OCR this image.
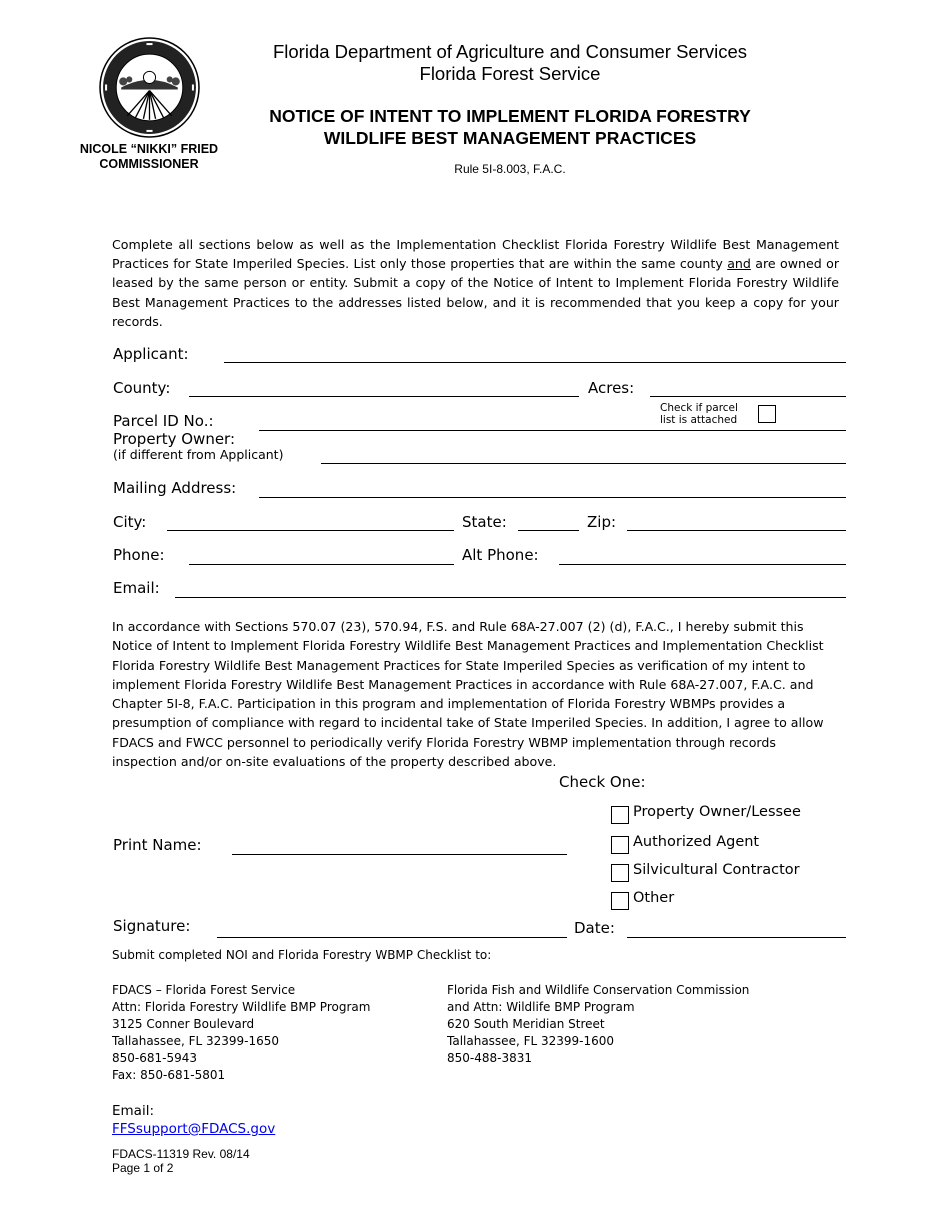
NICOLE “NIKKI” FRIED
COMMISSIONER
Florida Department of Agriculture and Consumer Services
Florida Forest Service
NOTICE OF INTENT TO IMPLEMENT FLORIDA FORESTRY
WILDLIFE BEST MANAGEMENT PRACTICES
Rule 5I-8.003, F.A.C.
Complete all sections below as well as the Implementation Checklist Florida Forestry Wildlife Best Management Practices for State Imperiled Species. List only those properties that are within the same county and are owned or leased by the same person or entity. Submit a copy of the Notice of Intent to Implement Florida Forestry Wildlife Best Management Practices to the addresses listed below, and it is recommended that you keep a copy for your records.
Applicant:
County:	Acres:
Parcel ID No.:
Check if parcel
list is attached
Property Owner:
(if different from Applicant)
Mailing Address:
City:	State:	Zip:
Phone:	Alt Phone:
Email:
In accordance with Sections 570.07 (23), 570.94, F.S. and Rule 68A-27.007 (2) (d), F.A.C., I hereby submit this Notice of Intent to Implement Florida Forestry Wildlife Best Management Practices and Implementation Checklist Florida Forestry Wildlife Best Management Practices for State Imperiled Species as verification of my intent to implement Florida Forestry Wildlife Best Management Practices in accordance with Rule 68A-27.007, F.A.C. and Chapter 5I-8, F.A.C. Participation in this program and implementation of Florida Forestry WBMPs provides a presumption of compliance with regard to incidental take of State Imperiled Species. In addition, I agree to allow FDACS and FWCC personnel to periodically verify Florida Forestry WBMP implementation through records inspection and/or on-site evaluations of the property described above.
Check One:
Property Owner/Lessee
Authorized Agent
Silvicultural Contractor
Other
Print Name:
Signature:	Date:
Submit completed NOI and Florida Forestry WBMP Checklist to:
FDACS – Florida Forest Service
Attn: Florida Forestry Wildlife BMP Program
3125 Conner Boulevard
Tallahassee, FL 32399-1650
850-681-5943
Fax: 850-681-5801

Email:
FFSsupport@FDACS.gov

Florida Fish and Wildlife Conservation Commission
and Attn: Wildlife BMP Program
620 South Meridian Street
Tallahassee, FL 32399-1600
850-488-3831
FDACS-11319 Rev. 08/14
Page 1 of 2
